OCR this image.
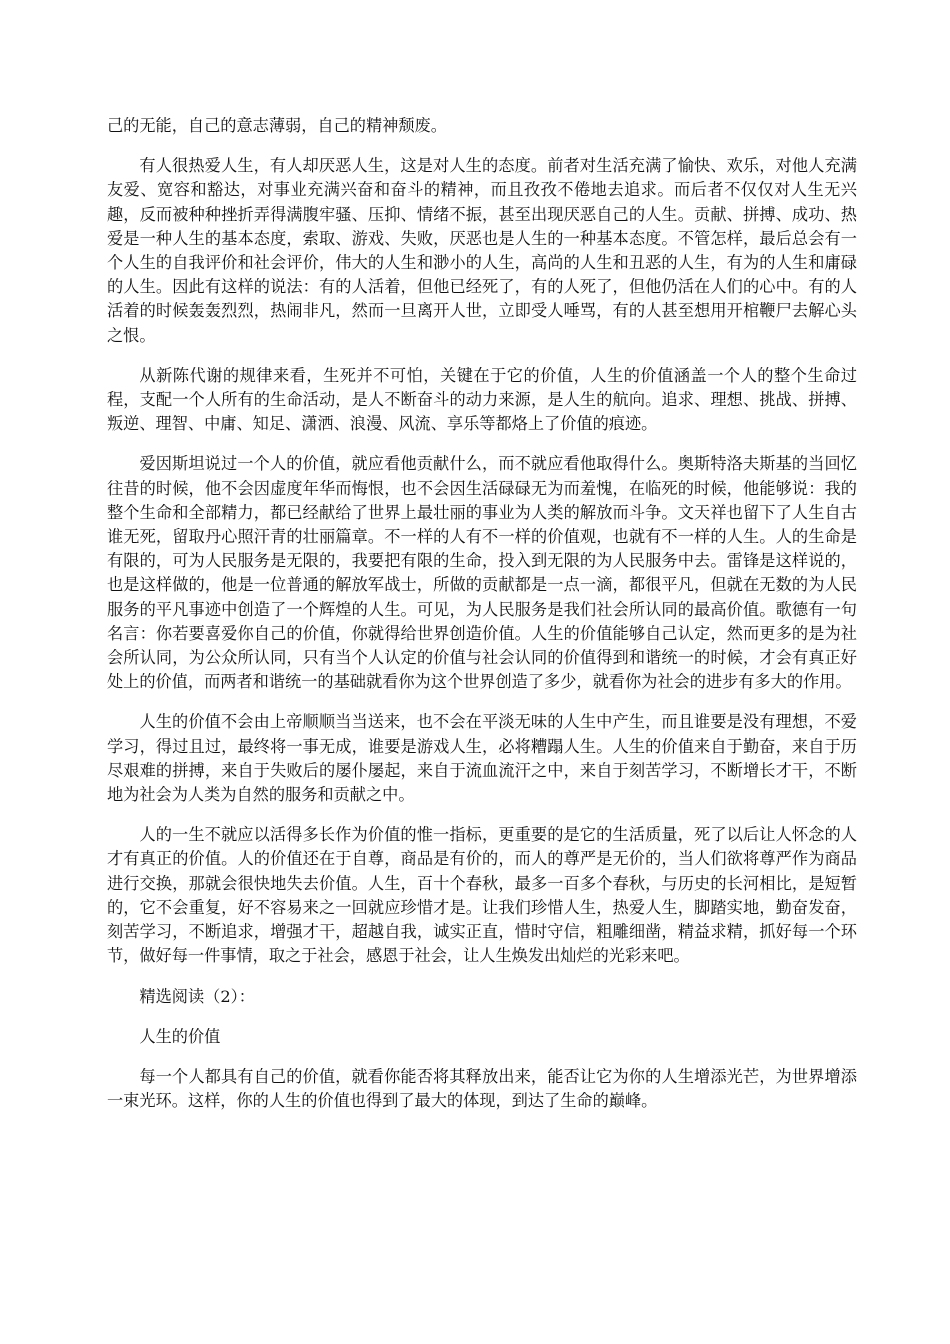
己的无能，自己的意志薄弱，自己的精神颓废。

有人很热爱人生，有人却厌恶人生，这是对人生的态度。前者对生活充满了愉快、欢乐，对他人充满友爱、宽容和豁达，对事业充满兴奋和奋斗的精神，而且孜孜不倦地去追求。而后者不仅仅对人生无兴趣，反而被种种挫折弄得满腹牢骚、压抑、情绪不振，甚至出现厌恶自己的人生。贡献、拼搏、成功、热爱是一种人生的基本态度，索取、游戏、失败，厌恶也是人生的一种基本态度。不管怎样，最后总会有一个人生的自我评价和社会评价，伟大的人生和渺小的人生，高尚的人生和丑恶的人生，有为的人生和庸碌的人生。因此有这样的说法：有的人活着，但他已经死了，有的人死了，但他仍活在人们的心中。有的人活着的时候轰轰烈烈，热闹非凡，然而一旦离开人世，立即受人唾骂，有的人甚至想用开棺鞭尸去解心头之恨。

从新陈代谢的规律来看，生死并不可怕，关键在于它的价值，人生的价值涵盖一个人的整个生命过程，支配一个人所有的生命活动，是人不断奋斗的动力来源，是人生的航向。追求、理想、挑战、拼搏、叛逆、理智、中庸、知足、潇洒、浪漫、风流、享乐等都烙上了价值的痕迹。

爱因斯坦说过一个人的价值，就应看他贡献什么，而不就应看他取得什么。奥斯特洛夫斯基的当回忆往昔的时候，他不会因虚度年华而悔恨，也不会因生活碌碌无为而羞愧，在临死的时候，他能够说：我的整个生命和全部精力，都已经献给了世界上最壮丽的事业为人类的解放而斗争。文天祥也留下了人生自古谁无死，留取丹心照汗青的壮丽篇章。不一样的人有不一样的价值观，也就有不一样的人生。人的生命是有限的，可为人民服务是无限的，我要把有限的生命，投入到无限的为人民服务中去。雷锋是这样说的，也是这样做的，他是一位普通的解放军战士，所做的贡献都是一点一滴，都很平凡，但就在无数的为人民服务的平凡事迹中创造了一个辉煌的人生。可见，为人民服务是我们社会所认同的最高价值。歌德有一句名言：你若要喜爱你自己的价值，你就得给世界创造价值。人生的价值能够自己认定，然而更多的是为社会所认同，为公众所认同，只有当个人认定的价值与社会认同的价值得到和谐统一的时候，才会有真正好处上的价值，而两者和谐统一的基础就看你为这个世界创造了多少，就看你为社会的进步有多大的作用。

人生的价值不会由上帝顺顺当当送来，也不会在平淡无味的人生中产生，而且谁要是没有理想，不爱学习，得过且过，最终将一事无成，谁要是游戏人生，必将糟蹋人生。人生的价值来自于勤奋，来自于历尽艰难的拼搏，来自于失败后的屡仆屡起，来自于流血流汗之中，来自于刻苦学习，不断增长才干，不断地为社会为人类为自然的服务和贡献之中。

人的一生不就应以活得多长作为价值的惟一指标，更重要的是它的生活质量，死了以后让人怀念的人才有真正的价值。人的价值还在于自尊，商品是有价的，而人的尊严是无价的，当人们欲将尊严作为商品进行交换，那就会很快地失去价值。人生，百十个春秋，最多一百多个春秋，与历史的长河相比，是短暂的，它不会重复，好不容易来之一回就应珍惜才是。让我们珍惜人生，热爱人生，脚踏实地，勤奋发奋，刻苦学习，不断追求，增强才干，超越自我，诚实正直，惜时守信，粗雕细凿，精益求精，抓好每一个环节，做好每一件事情，取之于社会，感恩于社会，让人生焕发出灿烂的光彩来吧。

精选阅读（2）：

人生的价值

每一个人都具有自己的价值，就看你能否将其释放出来，能否让它为你的人生增添光芒，为世界增添一束光环。这样，你的人生的价值也得到了最大的体现，到达了生命的巅峰。
